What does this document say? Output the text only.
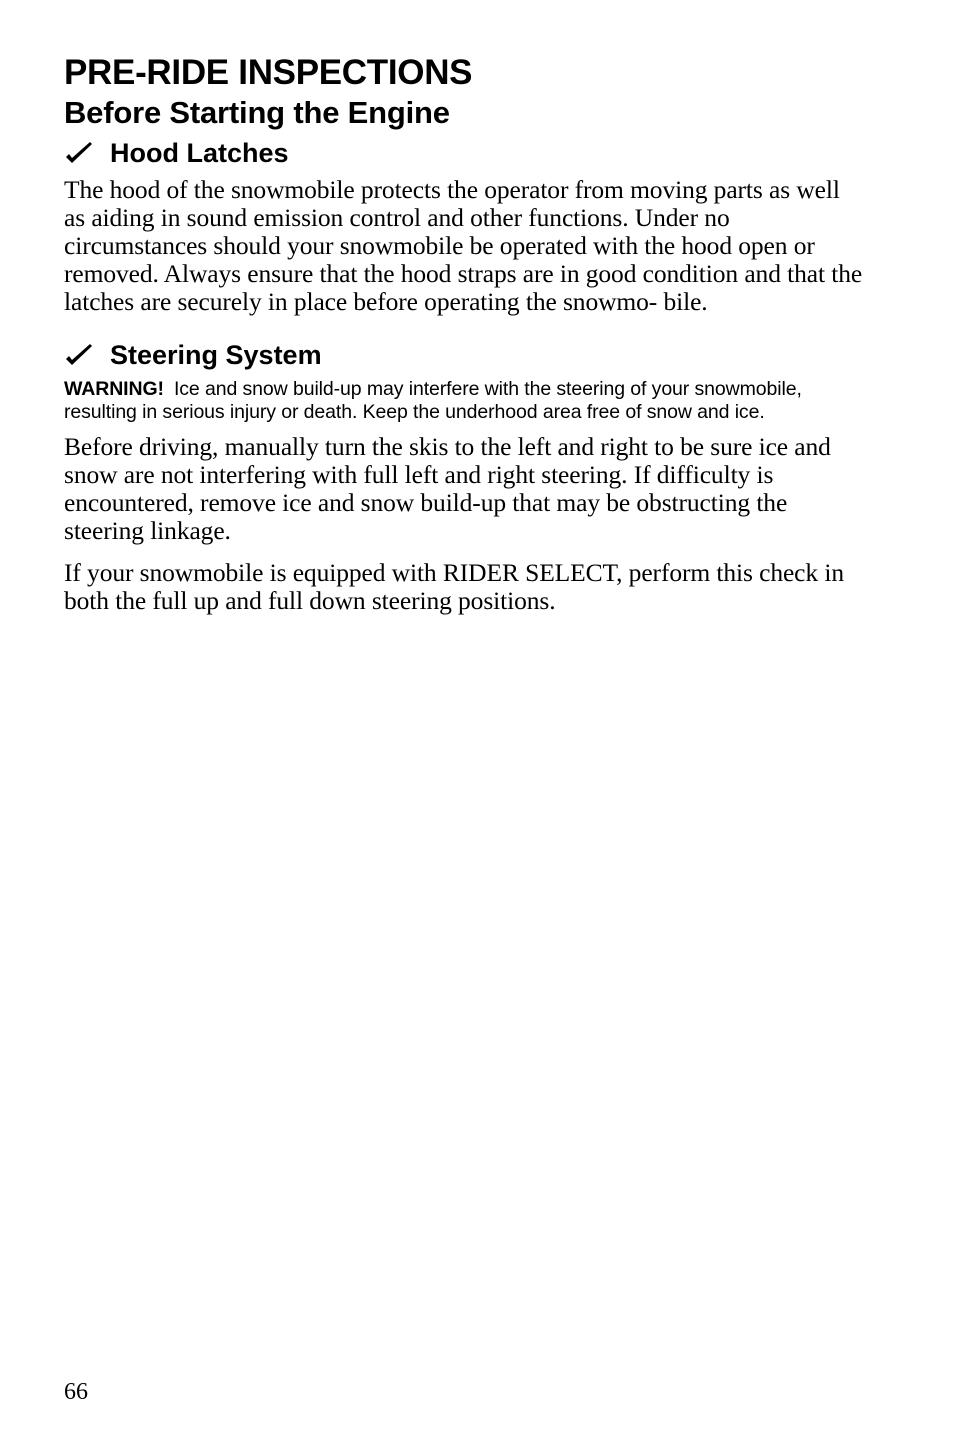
PRE-RIDE INSPECTIONS
Before Starting the Engine
Hood Latches

The hood of the snowmobile protects the operator from moving parts as well as aiding in sound emission control and other functions. Under no circumstances should your snowmobile be operated with the hood open or removed. Always ensure that the hood straps are in good condition and that the latches are securely in place before operating the snowmo- bile.

Steering System

WARNING! Ice and snow build-up may interfere with the steering of your snowmobile, resulting in serious injury or death. Keep the underhood area free of snow and ice.

Before driving, manually turn the skis to the left and right to be sure ice and snow are not interfering with full left and right steering. If difficulty is encountered, remove ice and snow build-up that may be obstructing the steering linkage.

If your snowmobile is equipped with RIDER SELECT, perform this check in both the full up and full down steering positions.

66
